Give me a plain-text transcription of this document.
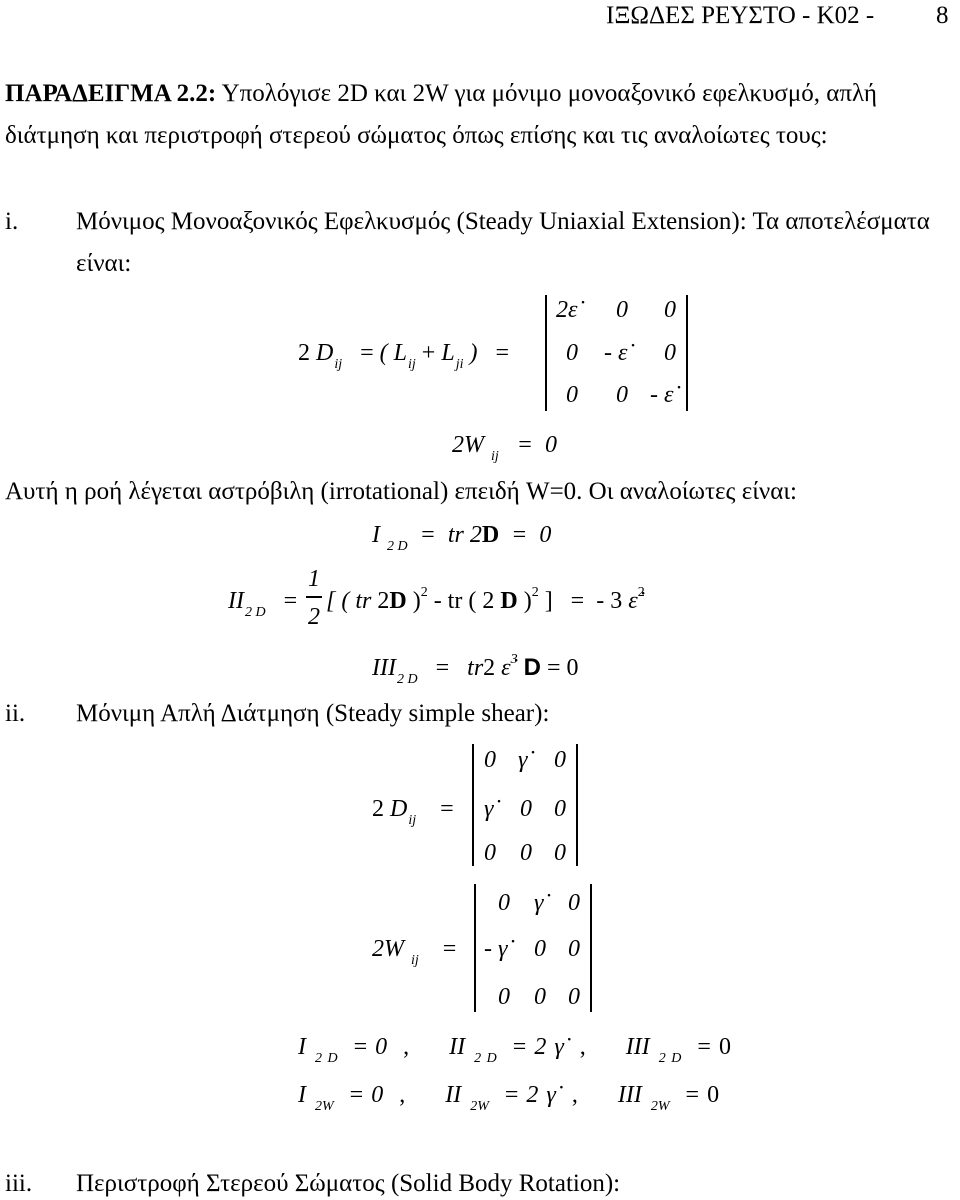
ΙΞΩΔΕΣ ΡΕΥΣΤΟ - Κ02 - 8
ΠΑΡΑΔΕΙΓΜΑ 2.2: Υπολόγισε 2D και 2W για μόνιμο μονοαξονικό εφελκυσμό, απλή
διάτμηση και περιστροφή στερεού σώματος όπως επίσης και τις αναλοίωτες τους:
i. Μόνιμος Μονοαξονικός Εφελκυσμός (Steady Uniaxial Extension): Τα αποτελέσματα
είναι:
2 $D_{ij}$   = ( $L_{ij} + L_{ji}$ )   =
2ε̇ 0 0
0 - ε̇ 0
0 0 - ε̇
2W $_{ij}$   =  0
Αυτή η ροή λέγεται αστρόβιλη (irrotational) επειδή W=0. Οι αναλοίωτες είναι:
I $_{2 D}$  =  tr 2D  =  0
$II_{2 D}$   =
1
2
[ ( tr 2D )$^2$ - tr ( 2 D )$^2$ ]   =  - 3 ε̇$^2$
$III_{2 D} = tr2$ ε̇$^3$ D = 0
ii. Μόνιμη Απλή Διάτμηση (Steady simple shear):
2 $D_{ij}$    =
0 γ̇ 0
γ̇ 0 0
0 0 0
2W $_{ij}$ =
0 γ̇ 0
- γ̇ 0 0
0 0 0
I $_{2 D}$  = 0  ,     II $_{2 D}$  = 2 γ̇  ,     III $_{2 D}$  = 0
I $_{2W}$  = 0  ,     II $_{2W}$  = 2 γ̇  ,     III $_{2W}$  = 0
iii. Περιστροφή Στερεού Σώματος (Solid Body Rotation):
